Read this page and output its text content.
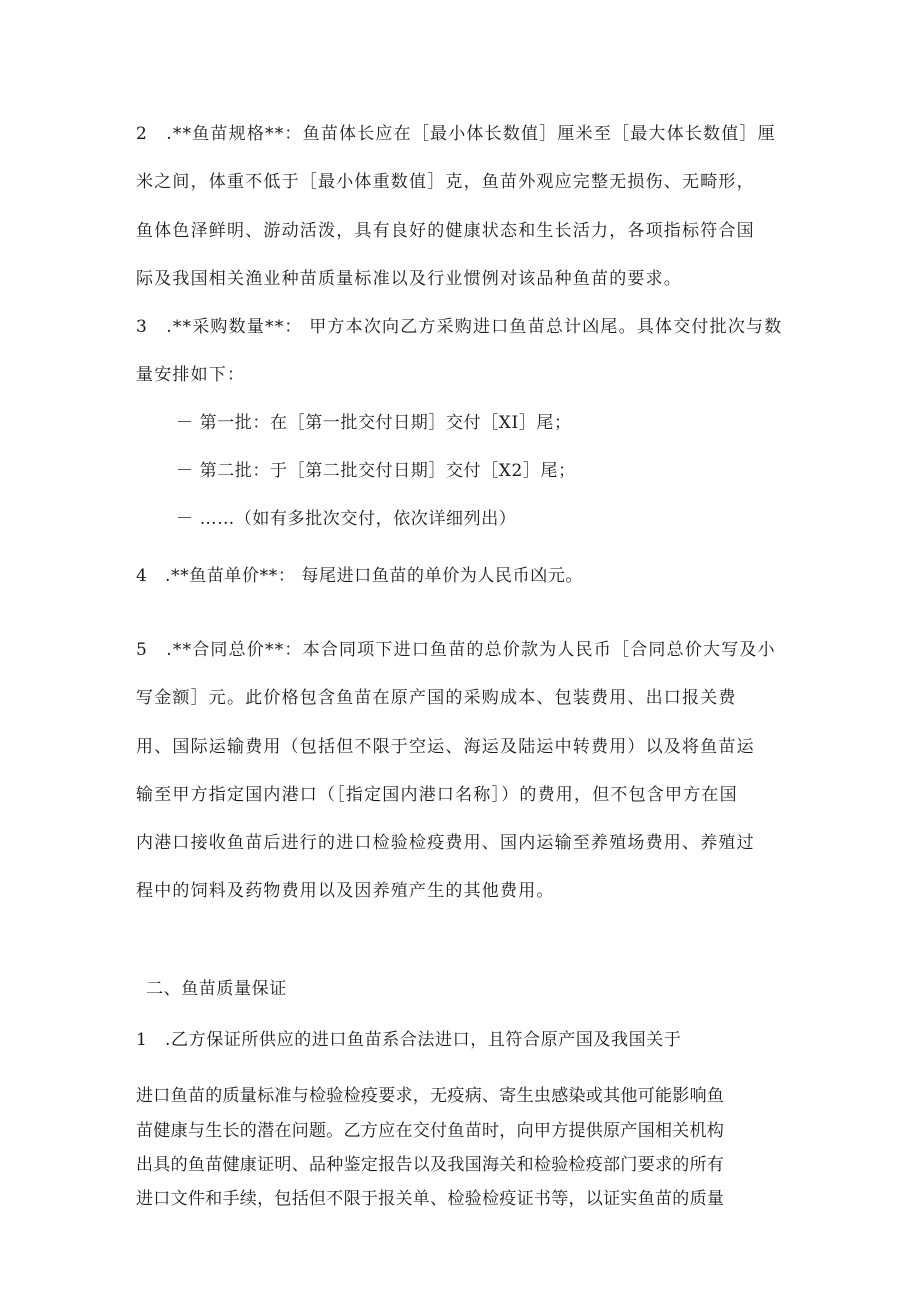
2　.**鱼苗规格**：鱼苗体长应在［最小体长数值］厘米至［最大体长数值］厘
米之间，体重不低于［最小体重数值］克，鱼苗外观应完整无损伤、无畸形，
鱼体色泽鲜明、游动活泼，具有良好的健康状态和生长活力，各项指标符合国
际及我国相关渔业种苗质量标准以及行业惯例对该品种鱼苗的要求。
3　.**采购数量**： 甲方本次向乙方采购进口鱼苗总计凶尾。具体交付批次与数
量安排如下：
－ 第一批：在［第一批交付日期］交付［XI］尾；
－ 第二批：于［第二批交付日期］交付［X2］尾；
－ ……（如有多批次交付，依次详细列出）
4　.**鱼苗单价**： 每尾进口鱼苗的单价为人民币凶元。
5　.**合同总价**：本合同项下进口鱼苗的总价款为人民币［合同总价大写及小
写金额］元。此价格包含鱼苗在原产国的采购成本、包装费用、出口报关费
用、国际运输费用（包括但不限于空运、海运及陆运中转费用）以及将鱼苗运
输至甲方指定国内港口（［指定国内港口名称］）的费用，但不包含甲方在国
内港口接收鱼苗后进行的进口检验检疫费用、国内运输至养殖场费用、养殖过
程中的饲料及药物费用以及因养殖产生的其他费用。
二、鱼苗质量保证
1　.乙方保证所供应的进口鱼苗系合法进口，且符合原产国及我国关于
进口鱼苗的质量标准与检验检疫要求，无疫病、寄生虫感染或其他可能影响鱼
苗健康与生长的潜在问题。乙方应在交付鱼苗时，向甲方提供原产国相关机构
出具的鱼苗健康证明、品种鉴定报告以及我国海关和检验检疫部门要求的所有
进口文件和手续，包括但不限于报关单、检验检疫证书等，以证实鱼苗的质量
